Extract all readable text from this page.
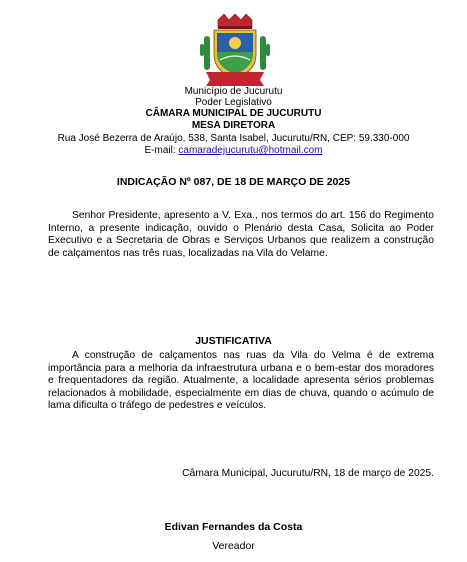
Município de Jucurutu
Poder Legislativo
CÂMARA MUNICIPAL DE JUCURUTU
MESA DIRETORA
Rua José Bezerra de Araújo, 538, Santa Isabel, Jucurutu/RN, CEP: 59.330-000
E-mail: camaradejucurutu@hotmail.com
INDICAÇÃO Nº 087, DE 18 DE MARÇO DE 2025

Senhor Presidente, apresento a V. Exa., nos termos do art. 156 do Regimento Interno, a presente indicação, ouvido o Plenário desta Casa, Solicita ao Poder Executivo e a Secretaria de Obras e Serviços Urbanos que realizem a construção de calçamentos nas três ruas, localizadas na Vila do Velame.

JUSTIFICATIVA

A construção de calçamentos nas ruas da Vila do Velma é de extrema importância para a melhoria da infraestrutura urbana e o bem-estar dos moradores e frequentadores da região. Atualmente, a localidade apresenta sérios problemas relacionados à mobilidade, especialmente em dias de chuva, quando o acúmulo de lama dificulta o tráfego de pedestres e veículos.

Câmara Municipal, Jucurutu/RN, 18 de março de 2025.
Edivan Fernandes da Costa
Vereador
